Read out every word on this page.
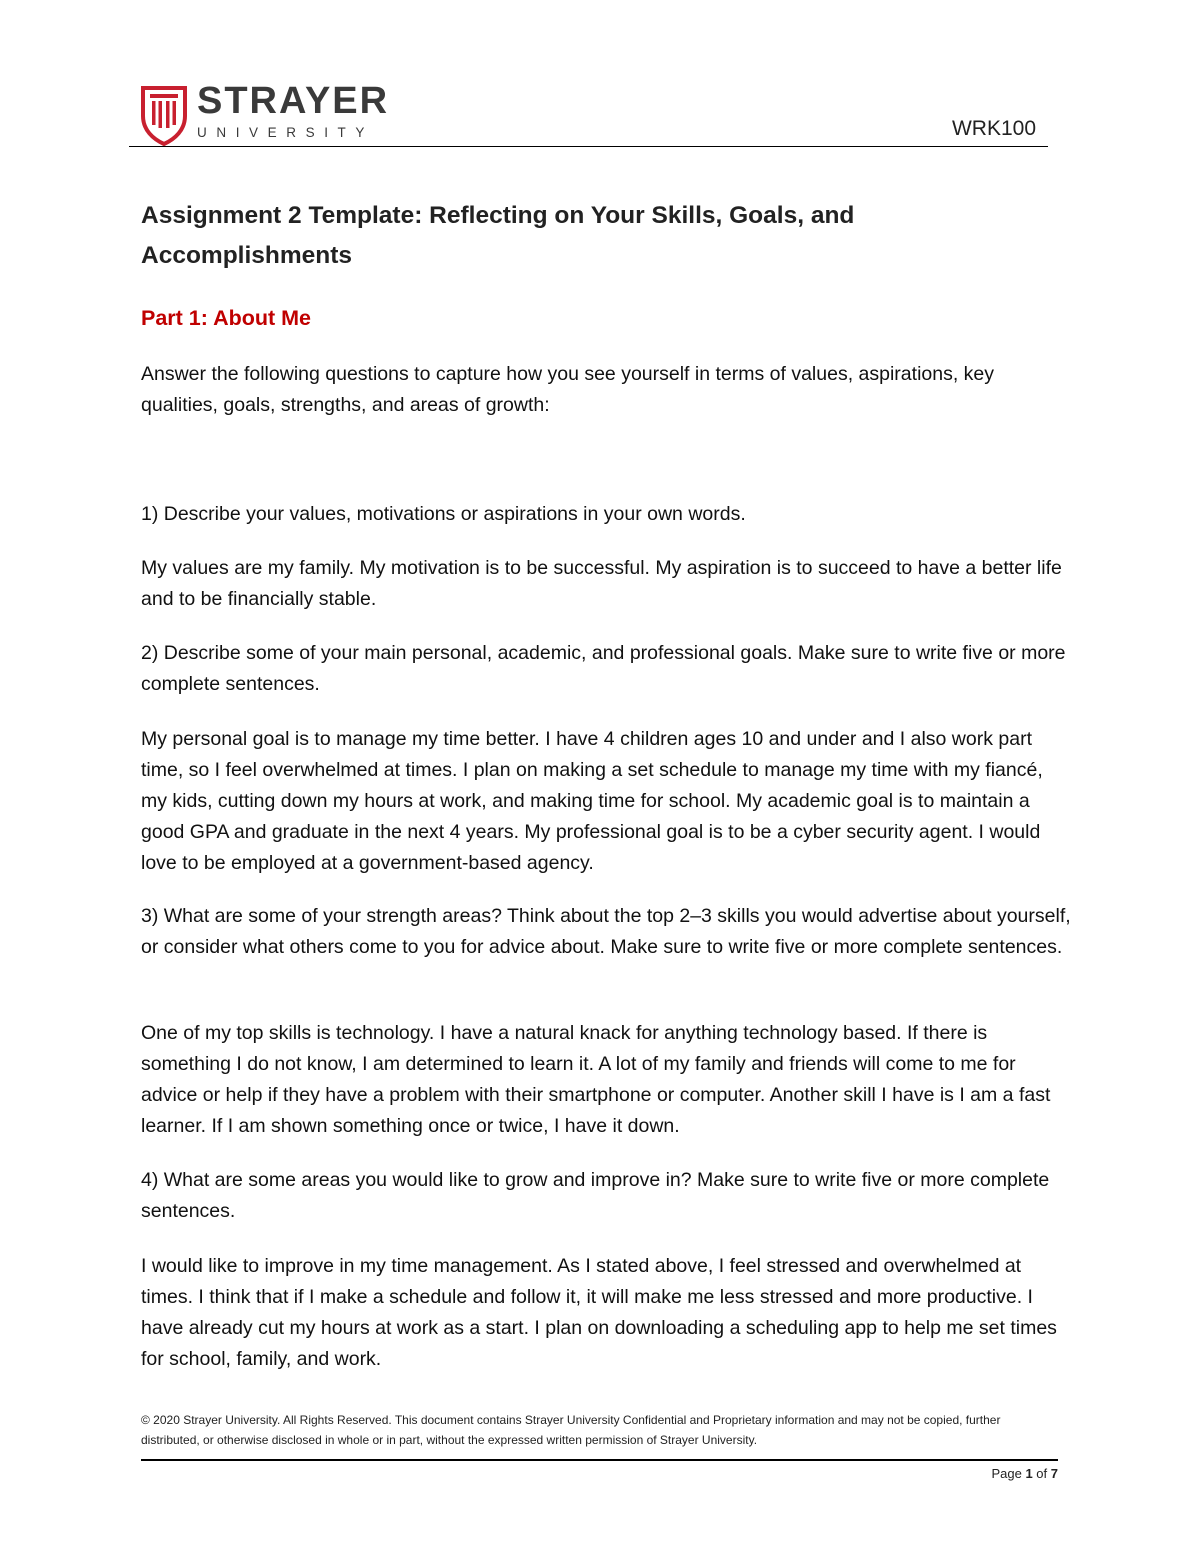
STRAYER
UNIVERSITY	WRK100
Assignment 2 Template: Reflecting on Your Skills, Goals, and Accomplishments
Part 1: About Me

Answer the following questions to capture how you see yourself in terms of values, aspirations, key qualities, goals, strengths, and areas of growth:

1) Describe your values, motivations or aspirations in your own words.

My values are my family. My motivation is to be successful. My aspiration is to succeed to have a better life and to be financially stable.

2) Describe some of your main personal, academic, and professional goals. Make sure to write five or more complete sentences.

My personal goal is to manage my time better. I have 4 children ages 10 and under and I also work part time, so I feel overwhelmed at times. I plan on making a set schedule to manage my time with my fiancé, my kids, cutting down my hours at work, and making time for school. My academic goal is to maintain a good GPA and graduate in the next 4 years. My professional goal is to be a cyber security agent. I would love to be employed at a government-based agency.

3) What are some of your strength areas? Think about the top 2–3 skills you would advertise about yourself, or consider what others come to you for advice about. Make sure to write five or more complete sentences.

One of my top skills is technology. I have a natural knack for anything technology based. If there is something I do not know, I am determined to learn it. A lot of my family and friends will come to me for advice or help if they have a problem with their smartphone or computer. Another skill I have is I am a fast learner. If I am shown something once or twice, I have it down.

4) What are some areas you would like to grow and improve in? Make sure to write five or more complete sentences.

I would like to improve in my time management. As I stated above, I feel stressed and overwhelmed at times. I think that if I make a schedule and follow it, it will make me less stressed and more productive. I have already cut my hours at work as a start. I plan on downloading a scheduling app to help me set times for school, family, and work.

© 2020 Strayer University. All Rights Reserved. This document contains Strayer University Confidential and Proprietary information and may not be copied, further distributed, or otherwise disclosed in whole or in part, without the expressed written permission of Strayer University.

Page 1 of 7
